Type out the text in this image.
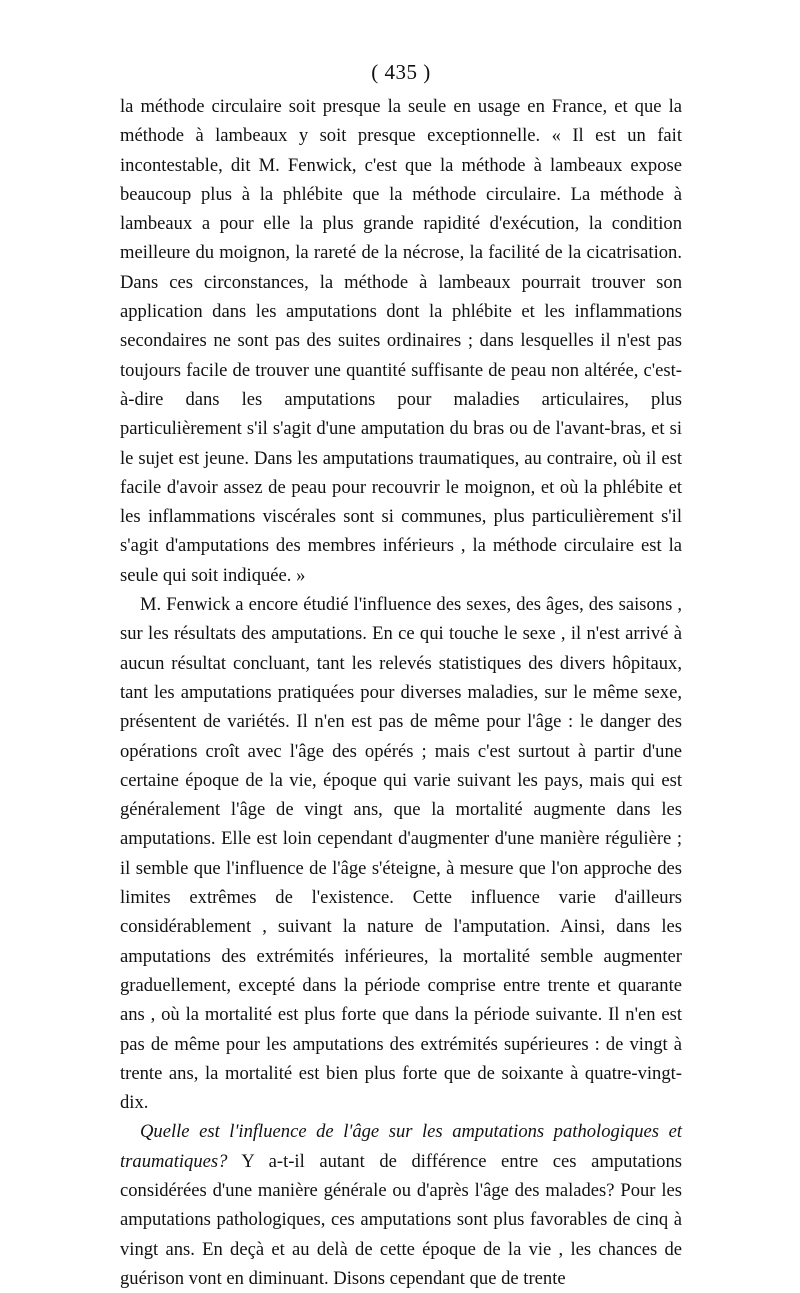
( 435 )

la méthode circulaire soit presque la seule en usage en France, et que la méthode à lambeaux y soit presque exceptionnelle. « Il est un fait incontestable, dit M. Fenwick, c'est que la méthode à lambeaux expose beaucoup plus à la phlébite que la méthode circulaire. La méthode à lambeaux a pour elle la plus grande rapidité d'exécution, la condition meilleure du moignon, la rareté de la nécrose, la facilité de la cicatrisation. Dans ces circonstances, la méthode à lambeaux pourrait trouver son application dans les amputations dont la phlébite et les inflammations secondaires ne sont pas des suites ordinaires ; dans lesquelles il n'est pas toujours facile de trouver une quantité suffisante de peau non altérée, c'est-à-dire dans les amputations pour maladies articulaires, plus particulièrement s'il s'agit d'une amputation du bras ou de l'avant-bras, et si le sujet est jeune. Dans les amputations traumatiques, au contraire, où il est facile d'avoir assez de peau pour recouvrir le moignon, et où la phlébite et les inflammations viscérales sont si communes, plus particulièrement s'il s'agit d'amputations des membres inférieurs , la méthode circulaire est la seule qui soit indiquée. »

M. Fenwick a encore étudié l'influence des sexes, des âges, des saisons , sur les résultats des amputations. En ce qui touche le sexe , il n'est arrivé à aucun résultat concluant, tant les relevés statistiques des divers hôpitaux, tant les amputations pratiquées pour diverses maladies, sur le même sexe, présentent de variétés. Il n'en est pas de même pour l'âge : le danger des opérations croît avec l'âge des opérés ; mais c'est surtout à partir d'une certaine époque de la vie, époque qui varie suivant les pays, mais qui est généralement l'âge de vingt ans, que la mortalité augmente dans les amputations. Elle est loin cependant d'augmenter d'une manière régulière ; il semble que l'influence de l'âge s'éteigne, à mesure que l'on approche des limites extrêmes de l'existence. Cette influence varie d'ailleurs considérablement , suivant la nature de l'amputation. Ainsi, dans les amputations des extrémités inférieures, la mortalité semble augmenter graduellement, excepté dans la période comprise entre trente et quarante ans , où la mortalité est plus forte que dans la période suivante. Il n'en est pas de même pour les amputations des extrémités supérieures : de vingt à trente ans, la mortalité est bien plus forte que de soixante à quatre-vingt-dix.

Quelle est l'influence de l'âge sur les amputations pathologiques et traumatiques? Y a-t-il autant de différence entre ces amputations considérées d'une manière générale ou d'après l'âge des malades? Pour les amputations pathologiques, ces amputations sont plus favorables de cinq à vingt ans. En deçà et au delà de cette époque de la vie , les chances de guérison vont en diminuant. Disons cependant que de trente
